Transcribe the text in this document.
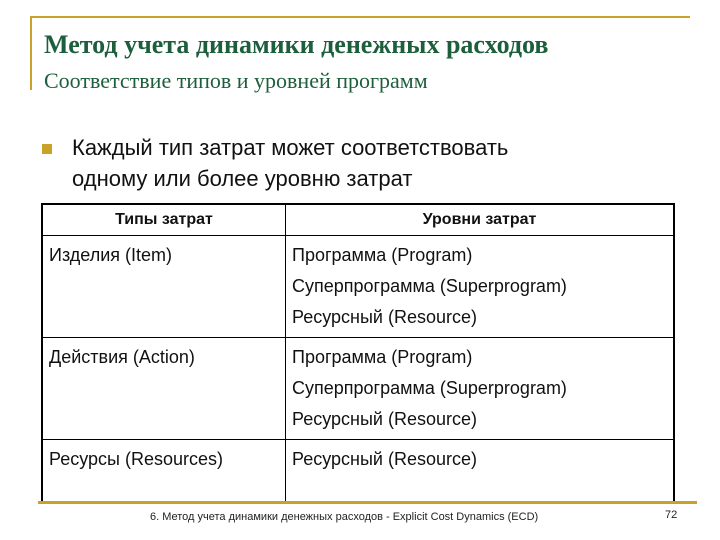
Метод учета динамики денежных расходов
Соответствие типов и уровней программ
Каждый тип затрат может соответствовать
одному или более уровню затрат
Типы затрат	Уровни затрат
Изделия (Item)	Программа (Program)
Суперпрограмма (Superprogram)
Ресурсный (Resource)

Действия (Action)	Программа (Program)
Суперпрограмма (Superprogram)
Ресурсный (Resource)

Ресурсы (Resources)	Ресурсный (Resource)
6. Метод учета динамики денежных расходов - Explicit Cost Dynamics (ECD)	72
